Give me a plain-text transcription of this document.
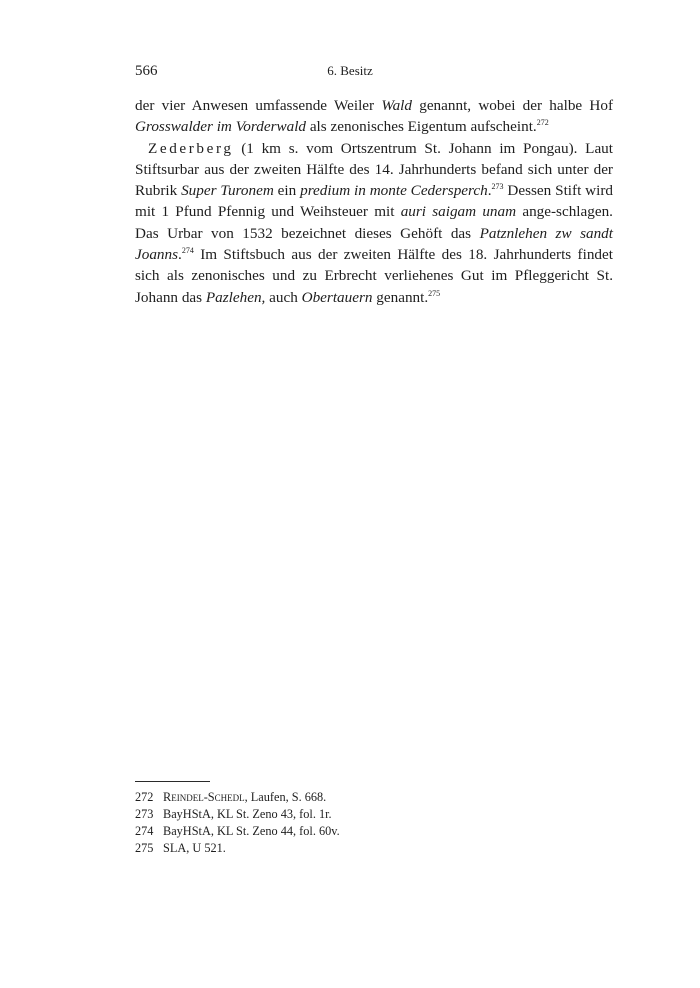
566	6. Besitz

der vier Anwesen umfassende Weiler Wald genannt, wobei der halbe Hof Grosswalder im Vorderwald als zenonisches Eigentum aufscheint.$^{272}$

Zederberg (1 km s. vom Ortszentrum St. Johann im Pongau). Laut Stiftsurbar aus der zweiten Hälfte des 14. Jahrhunderts befand sich unter der Rubrik Super Turonem ein predium in monte Cedersperch.$^{273}$ Dessen Stift wird mit 1 Pfund Pfennig und Weihsteuer mit auri saigam unam ange-schlagen. Das Urbar von 1532 bezeichnet dieses Gehöft das Patznlehen zw sandt Joanns.$^{274}$ Im Stiftsbuch aus der zweiten Hälfte des 18. Jahrhunderts findet sich als zenonisches und zu Erbrecht verliehenes Gut im Pfleggericht St. Johann das Pazlehen, auch Obertauern genannt.$^{275}$

272 Reindel-Schedl, Laufen, S. 668.
273 BayHStA, KL St. Zeno 43, fol. 1r.
274 BayHStA, KL St. Zeno 44, fol. 60v.
275 SLA, U 521.
